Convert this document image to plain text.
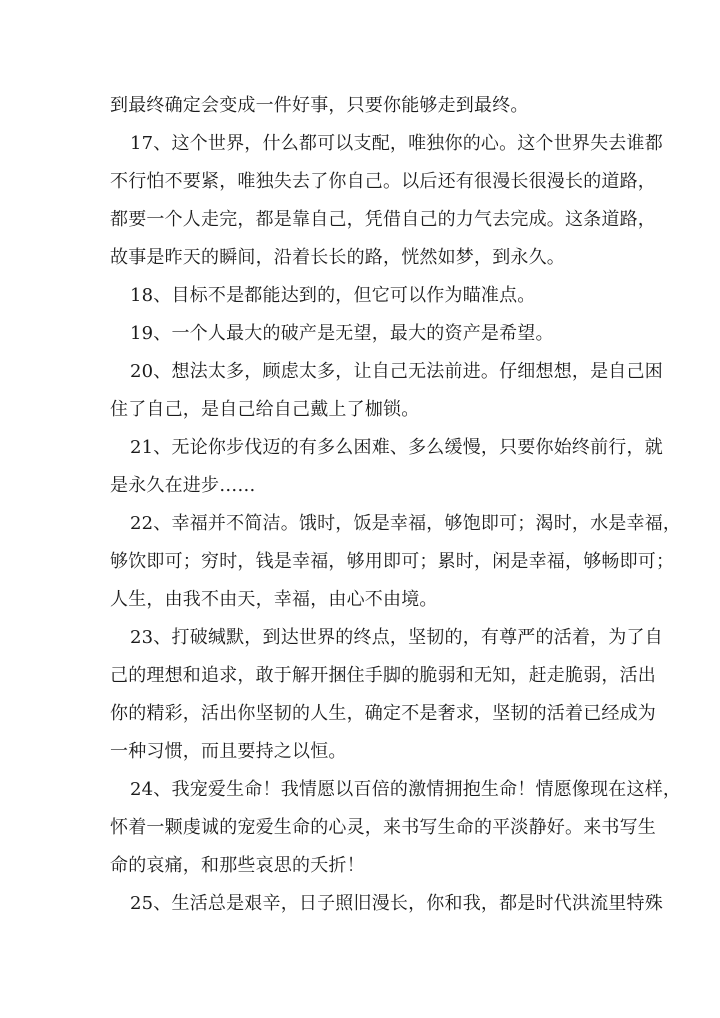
到最终确定会变成一件好事，只要你能够走到最终。
17、这个世界，什么都可以支配，唯独你的心。这个世界失去谁都
不行怕不要紧，唯独失去了你自己。以后还有很漫长很漫长的道路，
都要一个人走完，都是靠自己，凭借自己的力气去完成。这条道路，
故事是昨天的瞬间，沿着长长的路，恍然如梦，到永久。
18、目标不是都能达到的，但它可以作为瞄准点。
19、一个人最大的破产是无望，最大的资产是希望。
20、想法太多，顾虑太多，让自己无法前进。仔细想想，是自己困
住了自己，是自己给自己戴上了枷锁。
21、无论你步伐迈的有多么困难、多么缓慢，只要你始终前行，就
是永久在进步……
22、幸福并不简洁。饿时，饭是幸福，够饱即可；渴时，水是幸福，
够饮即可；穷时，钱是幸福，够用即可；累时，闲是幸福，够畅即可；
人生，由我不由天，幸福，由心不由境。
23、打破缄默，到达世界的终点，坚韧的，有尊严的活着，为了自
己的理想和追求，敢于解开捆住手脚的脆弱和无知，赶走脆弱，活出
你的精彩，活出你坚韧的人生，确定不是奢求，坚韧的活着已经成为
一种习惯，而且要持之以恒。
24、我宠爱生命！我情愿以百倍的激情拥抱生命！情愿像现在这样，
怀着一颗虔诚的宠爱生命的心灵，来书写生命的平淡静好。来书写生
命的哀痛，和那些哀思的夭折！
25、生活总是艰辛，日子照旧漫长，你和我，都是时代洪流里特殊
